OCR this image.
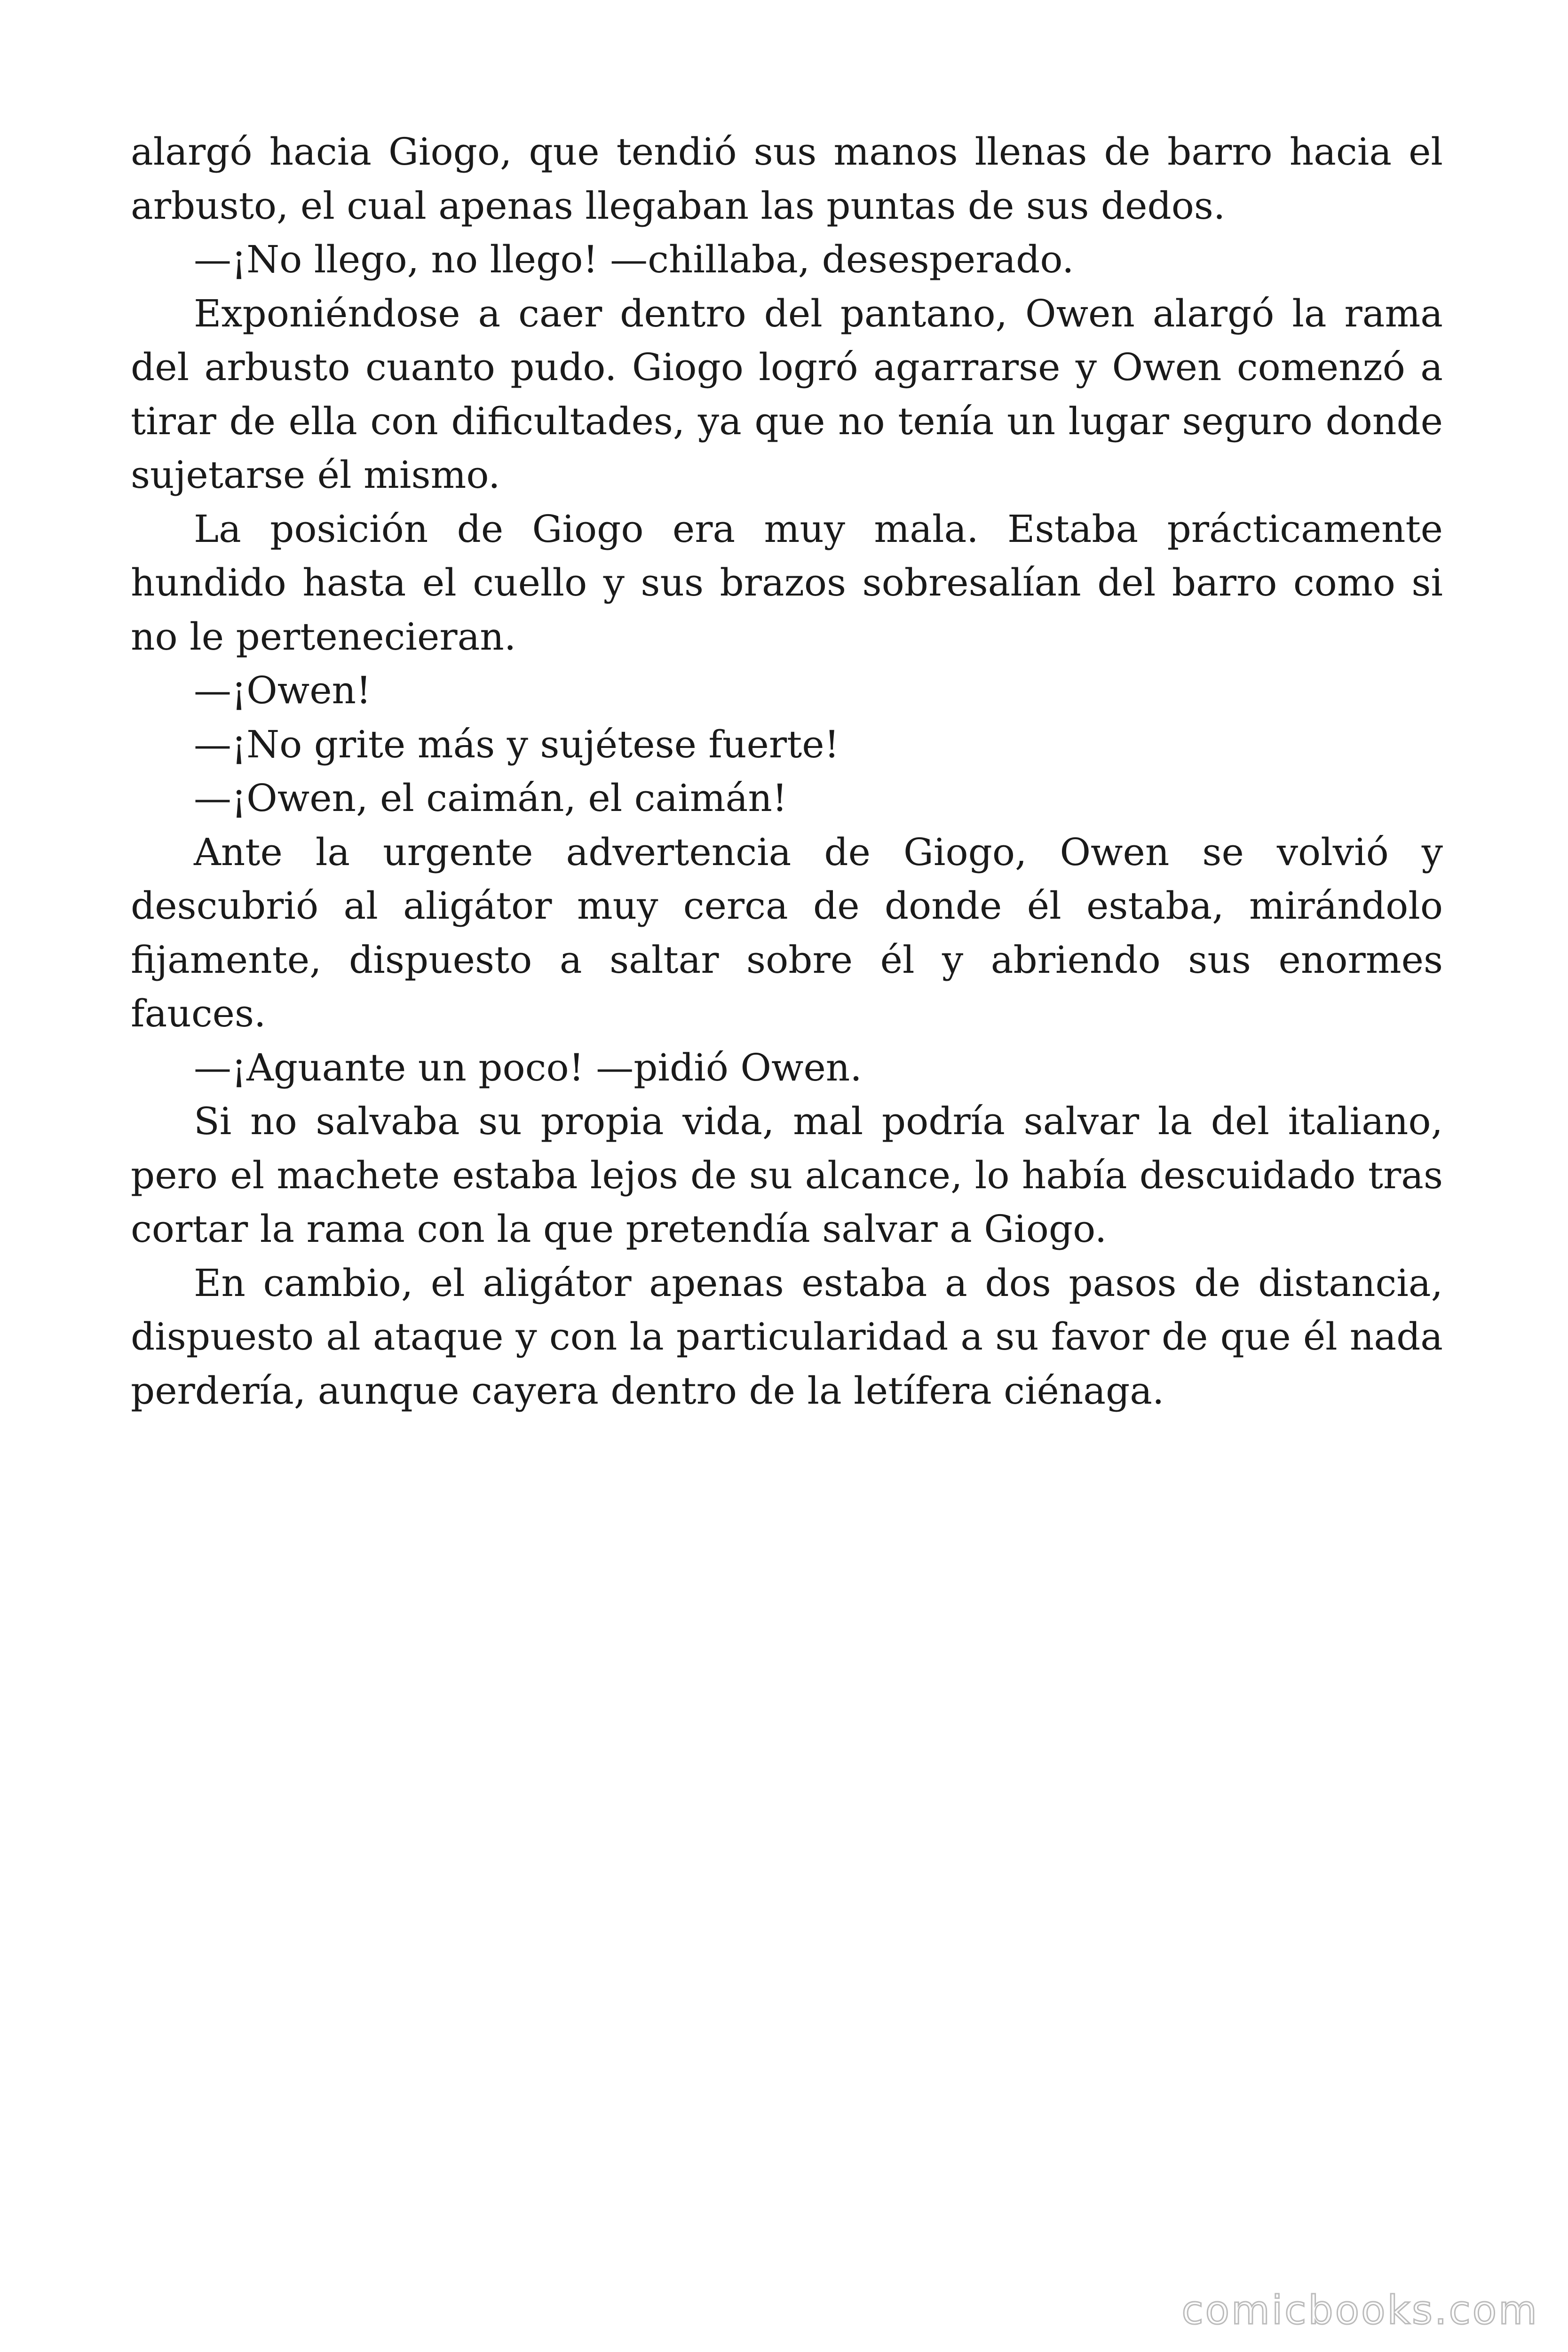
alargó hacia Giogo, que tendió sus manos llenas de barro hacia el arbusto, el cual apenas llegaban las puntas de sus dedos.

—¡No llego, no llego! —chillaba, desesperado.

Exponiéndose a caer dentro del pantano, Owen alargó la rama del arbusto cuanto pudo. Giogo logró agarrarse y Owen comenzó a tirar de ella con dificultades, ya que no tenía un lugar seguro donde sujetarse él mismo.

La posición de Giogo era muy mala. Estaba prácticamente hundido hasta el cuello y sus brazos sobresalían del barro como si no le pertenecieran.

—¡Owen!

—¡No grite más y sujétese fuerte!

—¡Owen, el caimán, el caimán!

Ante la urgente advertencia de Giogo, Owen se volvió y descubrió al aligátor muy cerca de donde él estaba, mirándolo fijamente, dispuesto a saltar sobre él y abriendo sus enormes fauces.

—¡Aguante un poco! —pidió Owen.

Si no salvaba su propia vida, mal podría salvar la del italiano, pero el machete estaba lejos de su alcance, lo había descuidado tras cortar la rama con la que pretendía salvar a Giogo.

En cambio, el aligátor apenas estaba a dos pasos de distancia, dispuesto al ataque y con la particularidad a su favor de que él nada perdería, aunque cayera dentro de la letífera ciénaga.

comicbooks.com
